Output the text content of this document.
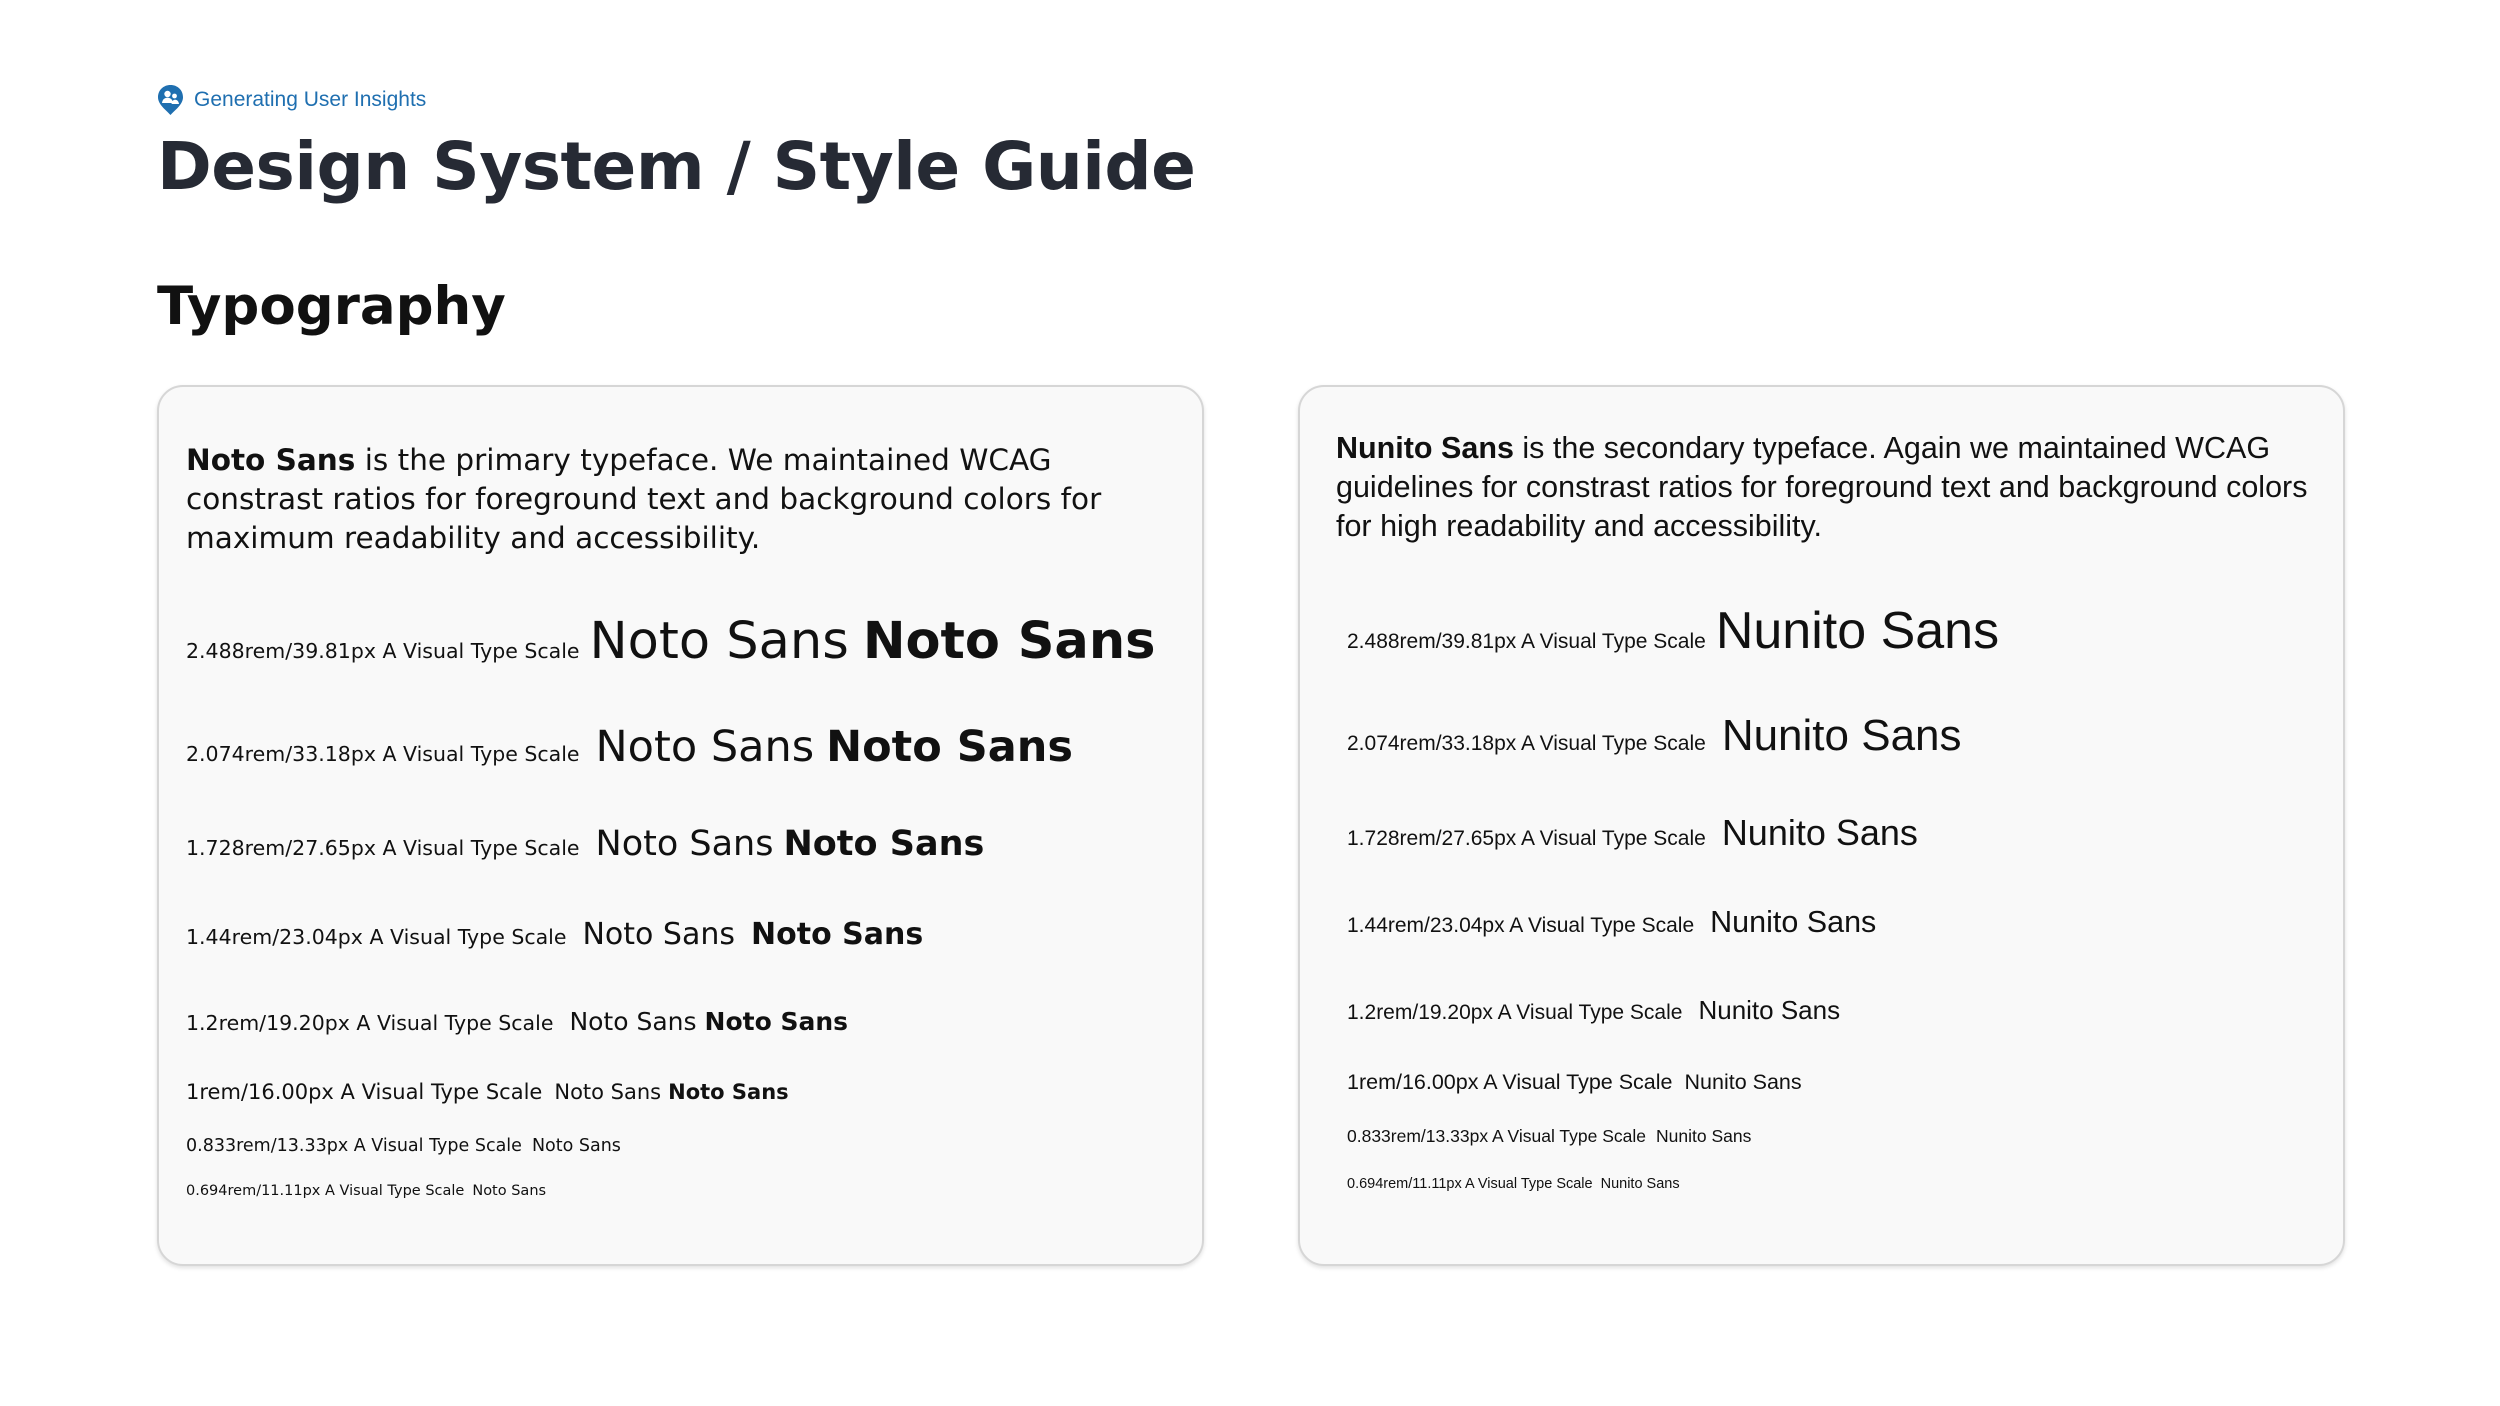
Generating User Insights
Design System / Style Guide
Typography

Noto Sans is the primary typeface. We maintained WCAG constrast ratios for foreground text and background colors for maximum readability and accessibility.

2.488rem/39.81px A Visual Type Scale Noto Sans Noto Sans
2.074rem/33.18px A Visual Type Scale Noto Sans Noto Sans
1.728rem/27.65px A Visual Type Scale Noto Sans Noto Sans
1.44rem/23.04px A Visual Type Scale Noto Sans Noto Sans
1.2rem/19.20px A Visual Type Scale Noto Sans Noto Sans
1rem/16.00px A Visual Type Scale Noto Sans Noto Sans
0.833rem/13.33px A Visual Type Scale Noto Sans
0.694rem/11.11px A Visual Type Scale Noto Sans

Nunito Sans is the secondary typeface. Again we maintained WCAG guidelines for constrast ratios for foreground text and background colors for high readability and accessibility.

2.488rem/39.81px A Visual Type Scale Nunito Sans
2.074rem/33.18px A Visual Type Scale Nunito Sans
1.728rem/27.65px A Visual Type Scale Nunito Sans
1.44rem/23.04px A Visual Type Scale Nunito Sans
1.2rem/19.20px A Visual Type Scale Nunito Sans
1rem/16.00px A Visual Type Scale Nunito Sans
0.833rem/13.33px A Visual Type Scale Nunito Sans
0.694rem/11.11px A Visual Type Scale Nunito Sans
